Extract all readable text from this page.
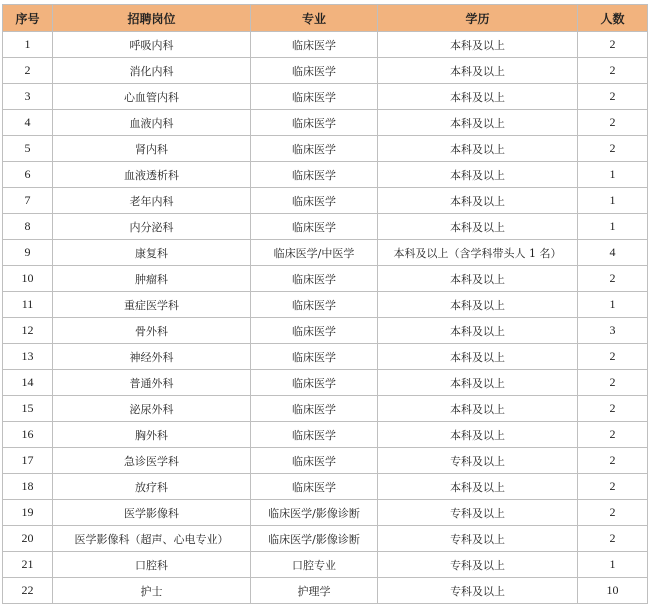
序号	招聘岗位	专业	学历	人数
1	呼吸内科	临床医学	本科及以上	2
2	消化内科	临床医学	本科及以上	2
3	心血管内科	临床医学	本科及以上	2
4	血液内科	临床医学	本科及以上	2
5	肾内科	临床医学	本科及以上	2
6	血液透析科	临床医学	本科及以上	1
7	老年内科	临床医学	本科及以上	1
8	内分泌科	临床医学	本科及以上	1
9	康复科	临床医学/中医学	本科及以上（含学科带头人 1 名）	4
10	肿瘤科	临床医学	本科及以上	2
11	重症医学科	临床医学	本科及以上	1
12	骨外科	临床医学	本科及以上	3
13	神经外科	临床医学	本科及以上	2
14	普通外科	临床医学	本科及以上	2
15	泌尿外科	临床医学	本科及以上	2
16	胸外科	临床医学	本科及以上	2
17	急诊医学科	临床医学	专科及以上	2
18	放疗科	临床医学	本科及以上	2
19	医学影像科	临床医学/影像诊断	专科及以上	2
20	医学影像科（超声、心电专业）	临床医学/影像诊断	专科及以上	2
21	口腔科	口腔专业	专科及以上	1
22	护士	护理学	专科及以上	10
